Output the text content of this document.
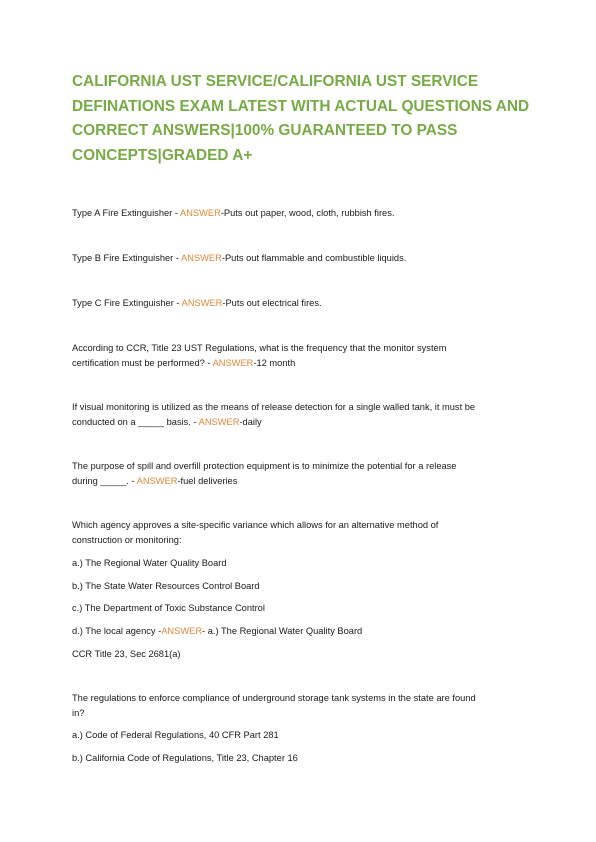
CALIFORNIA UST SERVICE/CALIFORNIA UST SERVICE
DEFINATIONS EXAM LATEST WITH ACTUAL QUESTIONS AND
CORRECT ANSWERS|100% GUARANTEED TO PASS
CONCEPTS|GRADED A+

Type A Fire Extinguisher - ANSWER-Puts out paper, wood, cloth, rubbish fires.

Type B Fire Extinguisher - ANSWER-Puts out flammable and combustible liquids.

Type C Fire Extinguisher - ANSWER-Puts out electrical fires.

According to CCR, Title 23 UST Regulations, what is the frequency that the monitor system
certification must be performed? - ANSWER-12 month

If visual monitoring is utilized as the means of release detection for a single walled tank, it must be
conducted on a _____ basis. - ANSWER-daily

The purpose of spill and overfill protection equipment is to minimize the potential for a release
during _____. - ANSWER-fuel deliveries

Which agency approves a site-specific variance which allows for an alternative method of
construction or monitoring:

a.) The Regional Water Quality Board

b.) The State Water Resources Control Board

c.) The Department of Toxic Substance Control

d.) The local agency -ANSWER- a.) The Regional Water Quality Board

CCR Title 23, Sec 2681(a)

The regulations to enforce compliance of underground storage tank systems in the state are found
in?

a.) Code of Federal Regulations, 40 CFR Part 281

b.) California Code of Regulations, Title 23, Chapter 16
